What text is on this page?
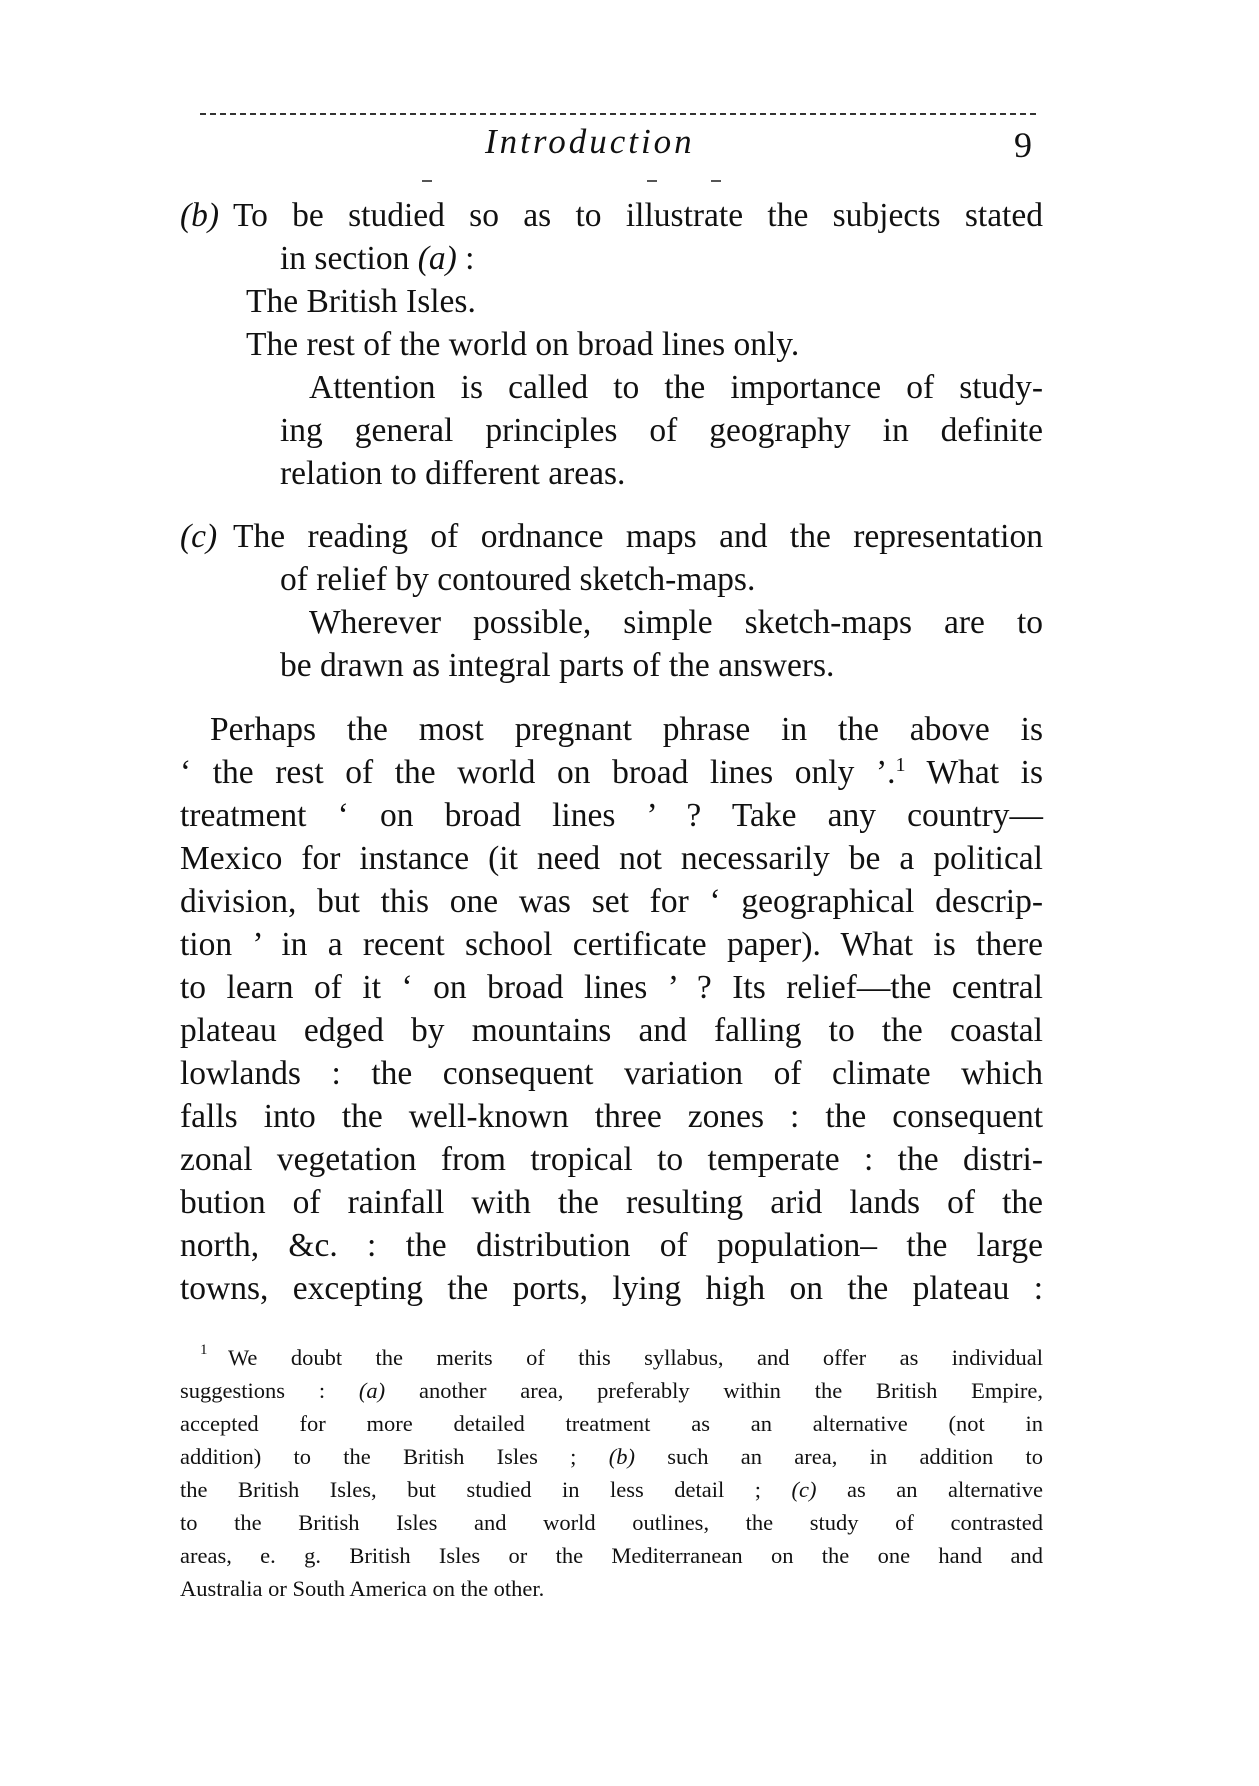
Introduction	9
(b) To be studied so as to illustrate the subjects stated
in section (a) :
The British Isles.
The rest of the world on broad lines only.
Attention is called to the importance of study-
ing general principles of geography in definite
relation to different areas.
(c) The reading of ordnance maps and the representation
of relief by contoured sketch-maps.
Wherever possible, simple sketch-maps are to
be drawn as integral parts of the answers.
Perhaps the most pregnant phrase in the above is
‘ the rest of the world on broad lines only ’.$^1$ What is
treatment ‘ on broad lines ’ ? Take any country—
Mexico for instance (it need not necessarily be a political
division, but this one was set for ‘ geographical descrip-
tion ’ in a recent school certificate paper). What is there
to learn of it ‘ on broad lines ’ ? Its relief—the central
plateau edged by mountains and falling to the coastal
lowlands : the consequent variation of climate which
falls into the well-known three zones : the consequent
zonal vegetation from tropical to temperate : the distri-
bution of rainfall with the resulting arid lands of the
north, &c. : the distribution of population– the large
towns, excepting the ports, lying high on the plateau :
1 We doubt the merits of this syllabus, and offer as individual
suggestions : (a) another area, preferably within the British Empire,
accepted for more detailed treatment as an alternative (not in
addition) to the British Isles ; (b) such an area, in addition to
the British Isles, but studied in less detail ; (c) as an alternative
to the British Isles and world outlines, the study of contrasted
areas, e. g. British Isles or the Mediterranean on the one hand and
Australia or South America on the other.
